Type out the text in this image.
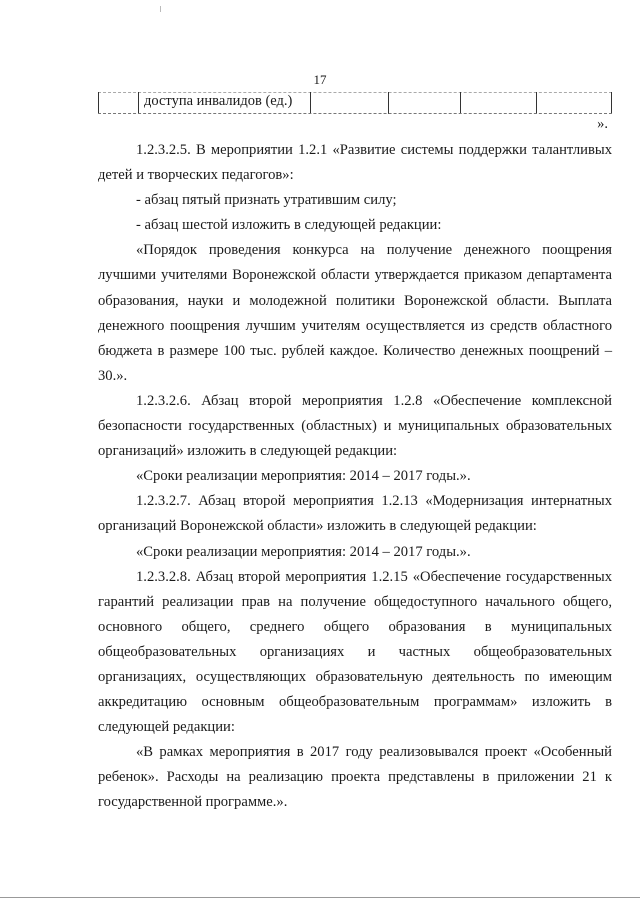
17
доступа инвалидов (ед.)
».

1.2.3.2.5. В мероприятии 1.2.1 «Развитие системы поддержки талантливых детей и творческих педагогов»:

- абзац пятый признать утратившим силу;

- абзац шестой изложить в следующей редакции:

«Порядок проведения конкурса на получение денежного поощрения лучшими учителями Воронежской области утверждается приказом департамента образования, науки и молодежной политики Воронежской области. Выплата денежного поощрения лучшим учителям осуществляется из средств областного бюджета в размере 100 тыс. рублей каждое. Количество денежных поощрений – 30.».

1.2.3.2.6. Абзац второй мероприятия 1.2.8 «Обеспечение комплексной безопасности государственных (областных) и муниципальных образовательных организаций» изложить в следующей редакции:

«Сроки реализации мероприятия: 2014 – 2017 годы.».

1.2.3.2.7. Абзац второй мероприятия 1.2.13 «Модернизация интернатных организаций Воронежской области» изложить в следующей редакции:

«Сроки реализации мероприятия: 2014 – 2017 годы.».

1.2.3.2.8. Абзац второй мероприятия 1.2.15 «Обеспечение государственных гарантий реализации прав на получение общедоступного начального общего, основного общего, среднего общего образования в муниципальных общеобразовательных организациях и частных общеобразовательных организациях, осуществляющих образовательную деятельность по имеющим аккредитацию основным общеобразовательным программам» изложить в следующей редакции:

«В рамках мероприятия в 2017 году реализовывался проект «Особенный ребенок». Расходы на реализацию проекта представлены в приложении 21 к государственной программе.».
